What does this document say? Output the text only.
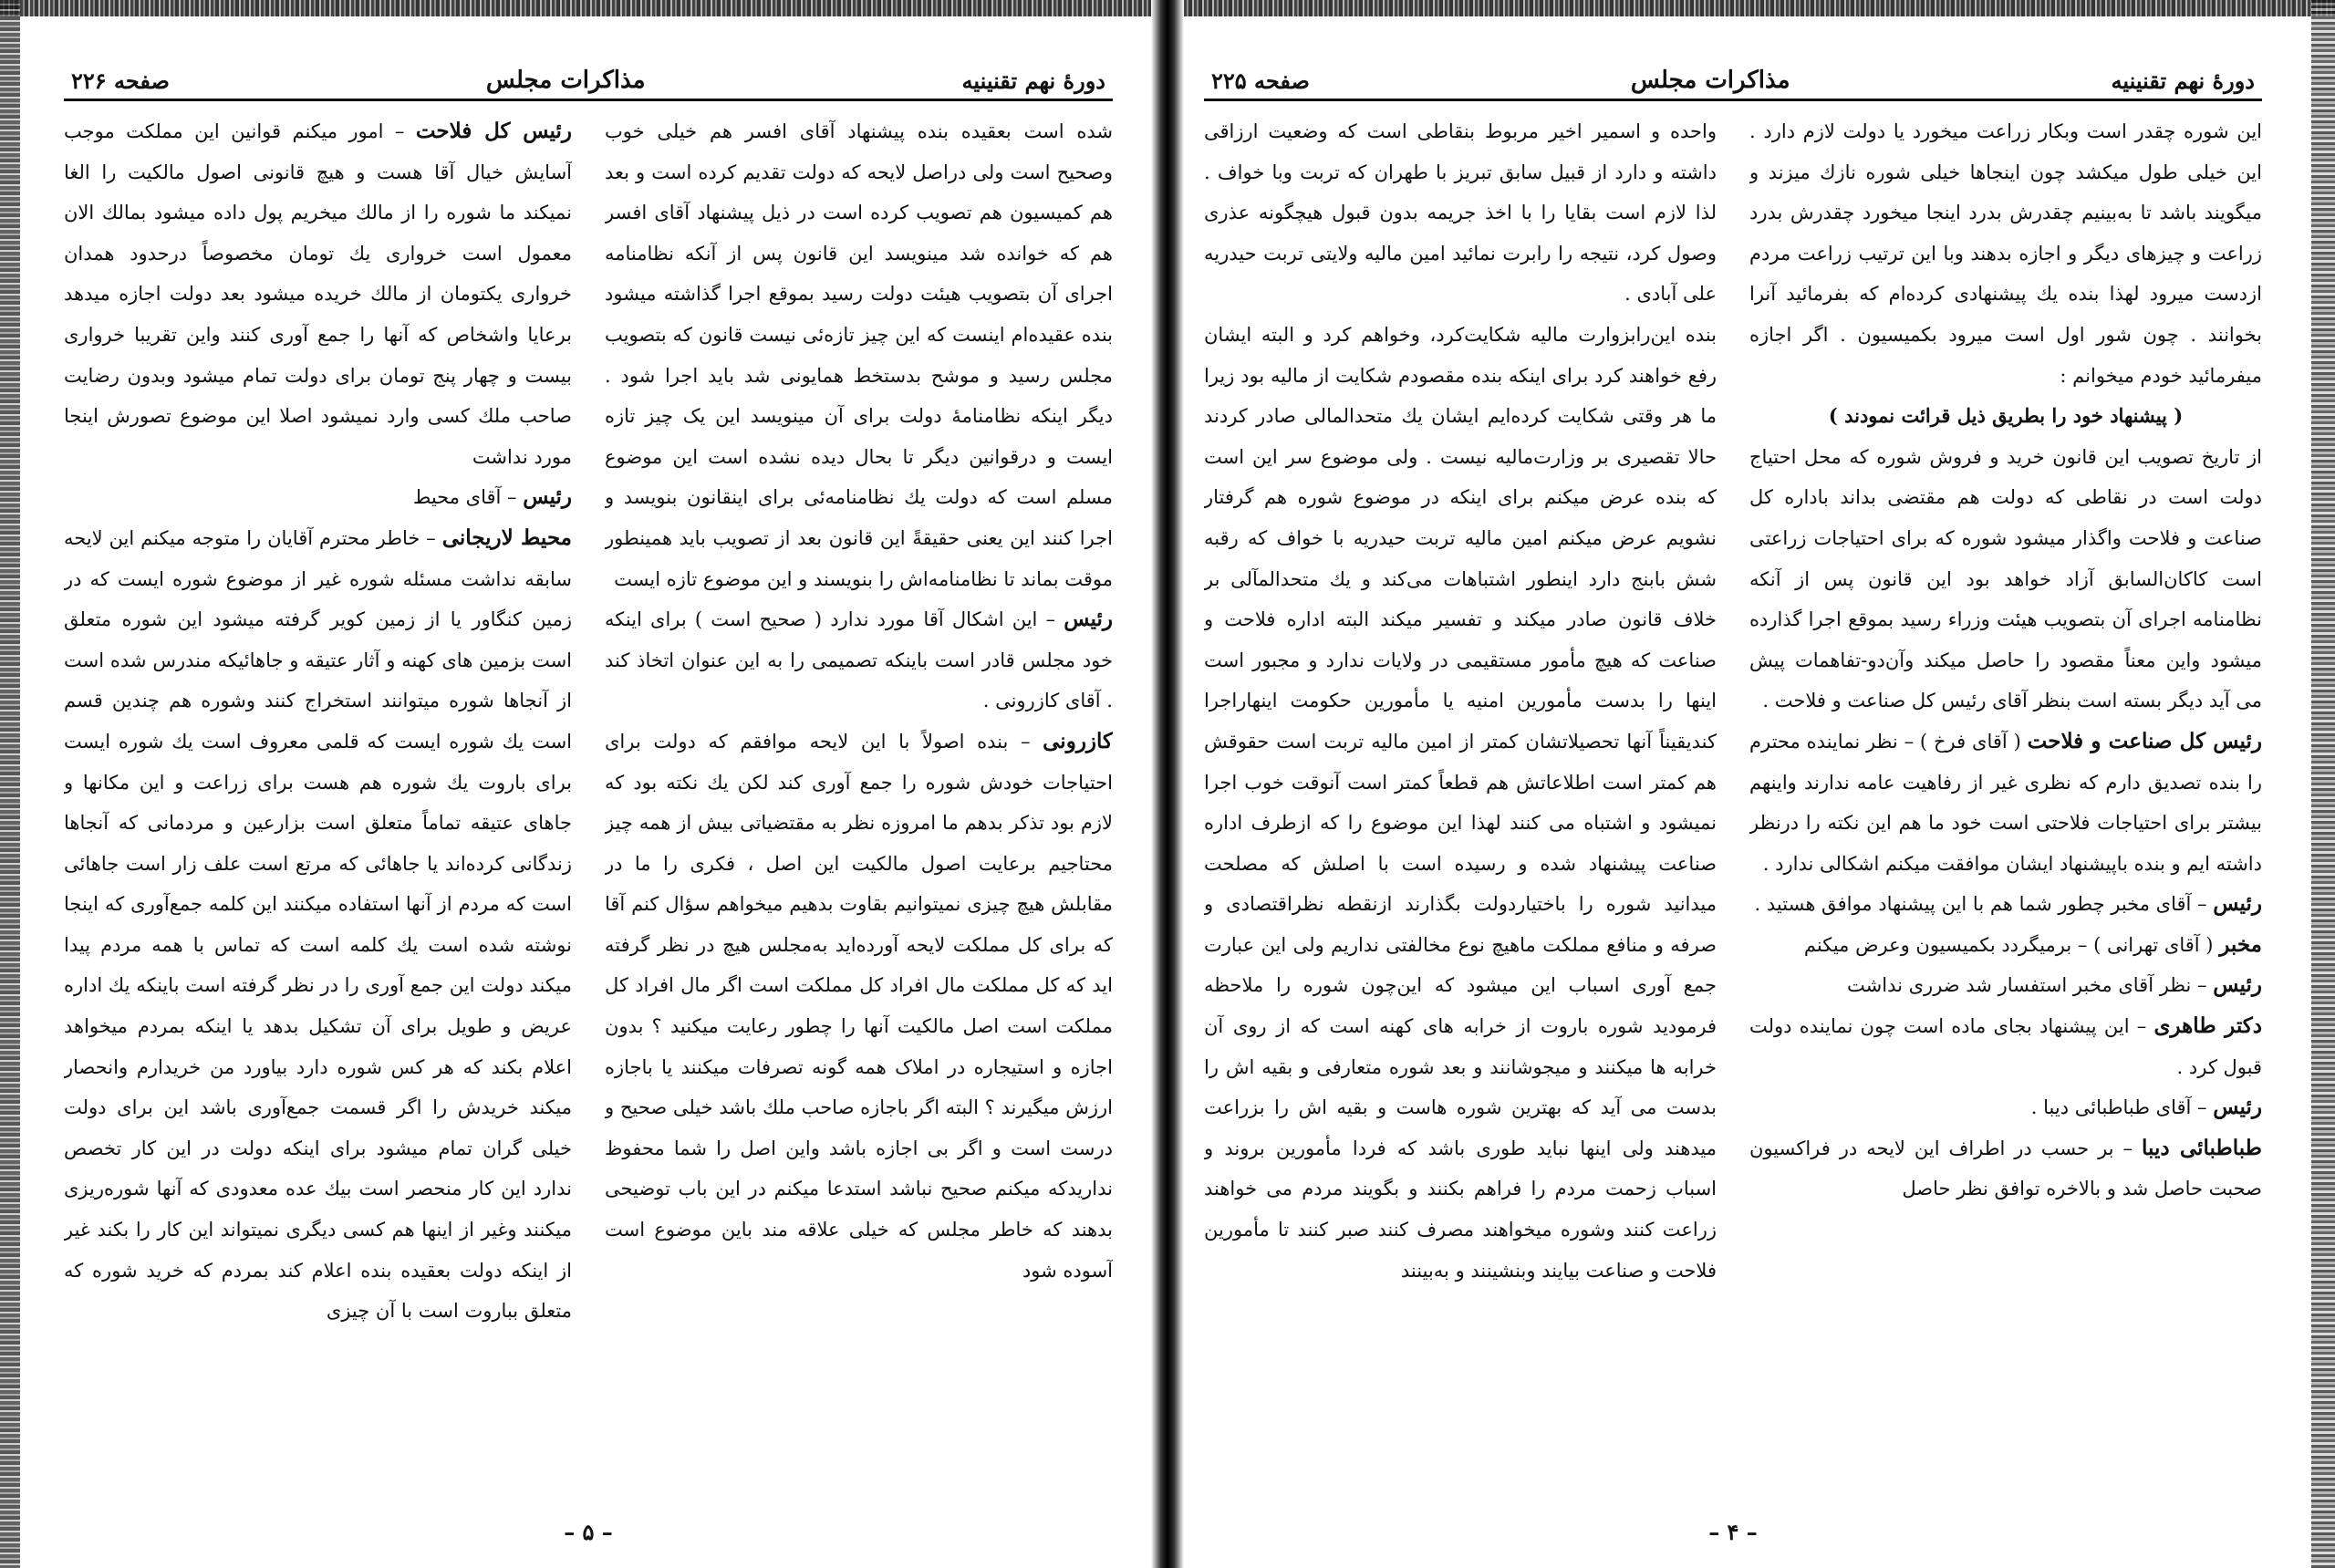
دورهٔ نهم تقنینیه
مذاکرات مجلس
صفحه ۲۲۶

شده است بعقیده بنده پیشنهاد آقای افسر هم خیلی خوب وصحیح است ولی دراصل لایحه که دولت تقدیم کرده است و بعد هم کمیسیون هم تصویب کرده است در ذیل پیشنهاد آقای افسر هم که خوانده شد مینویسد این قانون پس از آنکه نظامنامه اجرای آن بتصویب هیئت دولت رسید بموقع اجرا گذاشته میشود بنده عقیده‌ام اینست که این چیز تازه‌ئی نیست قانون که بتصویب مجلس رسید و موشح بدستخط همایونی شد باید اجرا شود . دیگر اینکه نظامنامه‌ٔ دولت برای آن مینویسد این یک چیز تازه ایست و درقوانین دیگر تا بحال دیده نشده است این موضوع مسلم است که دولت یك نظامنامه‌ئی برای اینقانون بنویسد و اجرا کنند این یعنی حقیقةً این قانون بعد از تصویب باید همینطور موقت بماند تا نظامنامه‌اش را بنویسند و این موضوع تازه ایست

رئیس – این اشکال آقا مورد ندارد ( صحیح است ) برای اینکه خود مجلس قادر است باینکه تصمیمی را به این عنوان اتخاذ کند . آقای کازرونی .

کازرونی – بنده اصولاً با این لایحه موافقم که دولت برای احتیاجات خودش شوره را جمع آوری کند لکن یك نکته بود که لازم بود تذکر بدهم ما امروزه نظر به مقتضیاتی بیش از همه چیز محتاجیم برعایت اصول مالکیت این اصل ، فکری را ما در مقابلش هیچ چیزی نمیتوانیم بقاوت بدهیم میخواهم سؤال کنم آقا که برای کل مملکت لایحه آورده‌اید به‌مجلس هیچ در نظر گرفته اید که کل مملکت مال افراد کل مملکت است اگر مال افراد کل مملکت است اصل مالکیت آنها را چطور رعایت میکنید ؟ بدون اجازه و استیجاره در املاک همه گونه تصرفات میکنند یا باجازه ارزش میگیرند ؟ البته اگر باجازه صاحب ملك باشد خیلی صحیح و درست است و اگر بی اجازه باشد واین اصل را شما محفوظ نداریدکه میکنم صحیح نباشد استدعا میکنم در این باب توضیحی بدهند که خاطر مجلس که خیلی علاقه مند باین موضوع است آسوده شود

رئیس کل فلاحت – امور میکنم قوانین این مملکت موجب آسایش خیال آقا هست و هیچ قانونی اصول مالکیت را الغا نمیکند ما شوره را از مالك میخریم پول داده میشود بمالك الان معمول است خرواری یك تومان مخصوصاً درحدود همدان خرواری یکتومان از مالك خریده میشود بعد دولت اجازه میدهد برعایا واشخاص که آنها را جمع آوری کنند واین تقریبا خرواری بیست و چهار پنج تومان برای دولت تمام میشود وبدون رضایت صاحب ملك کسی وارد نمیشود اصلا این موضوع تصورش اینجا مورد نداشت

رئیس – آقای محیط

محیط لاریجانی – خاطر محترم آقایان را متوجه میکنم این لایحه سابقه نداشت مسئله شوره غیر از موضوع شوره ایست که در زمین کنگاور یا از زمین کویر گرفته میشود این شوره متعلق است بزمین های کهنه و آثار عتیقه و جاهائیکه مندرس شده است از آنجاها شوره میتوانند استخراج کنند وشوره هم چندین قسم است یك شوره ایست که قلمی معروف است یك شوره ایست برای باروت یك شوره هم هست برای زراعت و این مکانها و جاهای عتیقه تماماً متعلق است بزارعین و مردمانی که آنجاها زندگانی کرده‌اند یا جاهائی که مرتع است علف زار است جاهائی است که مردم از آنها استفاده میکنند این کلمه جمع‌آوری که اینجا نوشته شده است یك کلمه است که تماس با همه مردم پیدا میکند دولت این جمع آوری را در نظر گرفته است باینکه یك اداره عریض و طویل برای آن تشکیل بدهد یا اینکه بمردم میخواهد اعلام بکند که هر کس شوره دارد بیاورد من خریدارم وانحصار میکند خریدش را اگر قسمت جمع‌آوری باشد این برای دولت خیلی گران تمام میشود برای اینکه دولت در این کار تخصص ندارد این کار منحصر است بیك عده معدودی که آنها شوره‌ریزی میکنند وغیر از اینها هم کسی دیگری نمیتواند این کار را بکند غیر از اینکه دولت بعقیده بنده اعلام کند بمردم که خرید شوره که متعلق بباروت است با آن چیزی

– ۵ –
دورهٔ نهم تقنینیه
مذاکرات مجلس
صفحه ۲۲۵

این شوره چقدر است وبکار زراعت میخورد یا دولت لازم دارد . این خیلی طول میکشد چون اینجاها خیلی شوره نازك میزند و میگویند باشد تا به‌بینیم چقدرش بدرد اینجا میخورد چقدرش بدرد زراعت و چیزهای دیگر و اجازه بدهند وبا این ترتیب زراعت مردم ازدست میرود لهذا بنده یك پیشنهادی کرده‌ام که بفرمائید آنرا بخوانند . چون شور اول است میرود بکمیسیون . اگر اجازه میفرمائید خودم میخوانم :

( پیشنهاد خود را بطریق ذیل قرائت نمودند )

از تاریخ تصویب این قانون خرید و فروش شوره که محل احتیاج دولت است در نقاطی که دولت هم مقتضی بداند باداره کل صناعت و فلاحت واگذار میشود شوره که برای احتیاجات زراعتی است کاکان‌السابق آزاد خواهد بود این قانون پس از آنکه نظامنامه اجرای آن بتصویب هیئت وزراء رسید بموقع اجرا گذارده میشود واین معناً مقصود را حاصل میکند وآن‌دو-تفاهمات پیش می آید دیگر بسته است بنظر آقای رئیس کل صناعت و فلاحت .

رئیس کل صناعت و فلاحت ( آقای فرخ ) – نظر نماینده محترم را بنده تصدیق دارم که نظری غیر از رفاهیت عامه ندارند واینهم بیشتر برای احتیاجات فلاحتی است خود ما هم این نکته را درنظر داشته ایم و بنده باپیشنهاد ایشان موافقت میکنم اشکالی ندارد .

رئیس – آقای مخبر چطور شما هم با این پیشنهاد موافق هستید .

مخبر ( آقای تهرانی ) – برمیگردد بکمیسیون وعرض میکنم

رئیس – نظر آقای مخبر استفسار شد ضرری نداشت

دکتر طاهری – این پیشنهاد بجای ماده است چون نماینده دولت قبول کرد .

رئیس – آقای طباطبائی دیبا .

طباطبائی دیبا – بر حسب در اطراف این لایحه در فراکسیون صحبت حاصل شد و بالاخره توافق نظر حاصل

واحده و اسمیر اخیر مربوط بنقاطی است که وضعیت ارزاقی داشته و دارد از قبیل سابق تبریز با طهران که تربت وبا خواف . لذا لازم است بقایا را با اخذ جریمه بدون قبول هیچگونه عذری وصول کرد، نتیجه را رابرت نمائید امین مالیه ولایتی تربت حیدریه علی آبادی .

بنده این‌رابزوارت مالیه شکایت‌کرد، وخواهم کرد و البته ایشان رفع خواهند کرد برای اینکه بنده مقصودم شکایت از مالیه بود زیرا ما هر وقتی شکایت کرده‌ایم ایشان یك متحدالمالی صادر کردند حالا تقصیری بر وزارت‌مالیه نیست . ولی موضوع سر این است که بنده عرض میکنم برای اینکه در موضوع شوره هم گرفتار نشویم عرض میکنم امین مالیه تربت حیدریه با خواف که رقبه شش بابنج دارد اینطور اشتباهات می‌کند و یك متحدالمآلی بر خلاف قانون صادر میکند و تفسیر میکند البته اداره فلاحت و صناعت که هیچ مأمور مستقیمی در ولایات ندارد و مجبور است اینها را بدست مأمورین امنیه یا مأمورین حکومت اینهاراجرا کندیقیناً آنها تحصیلاتشان کمتر از امین مالیه تربت است حقوقش هم کمتر است اطلاعاتش هم قطعاً کمتر است آنوقت خوب اجرا نمیشود و اشتباه می کنند لهذا این موضوع را که ازطرف اداره صناعت پیشنهاد شده و رسیده است با اصلش که مصلحت میدانید شوره را باختیاردولت بگذارند ازنقطه نظراقتصادی و صرفه و منافع مملکت ماهیچ نوع مخالفتی نداریم ولی این عبارت جمع آوری اسباب این میشود که این‌چون شوره را ملاحظه فرمودید شوره باروت از خرابه های کهنه است که از روی آن خرابه ها میکنند و میجوشانند و بعد شوره متعارفی و بقیه اش را بدست می آید که بهترین شوره هاست و بقیه اش را بزراعت میدهند ولی اینها نباید طوری باشد که فردا مأمورین بروند و اسباب زحمت مردم را فراهم بکنند و بگویند مردم می خواهند زراعت کنند وشوره میخواهند مصرف کنند صبر کنند تا مأمورین فلاحت و صناعت بیایند وبنشینند و به‌بینند

– ۴ –
